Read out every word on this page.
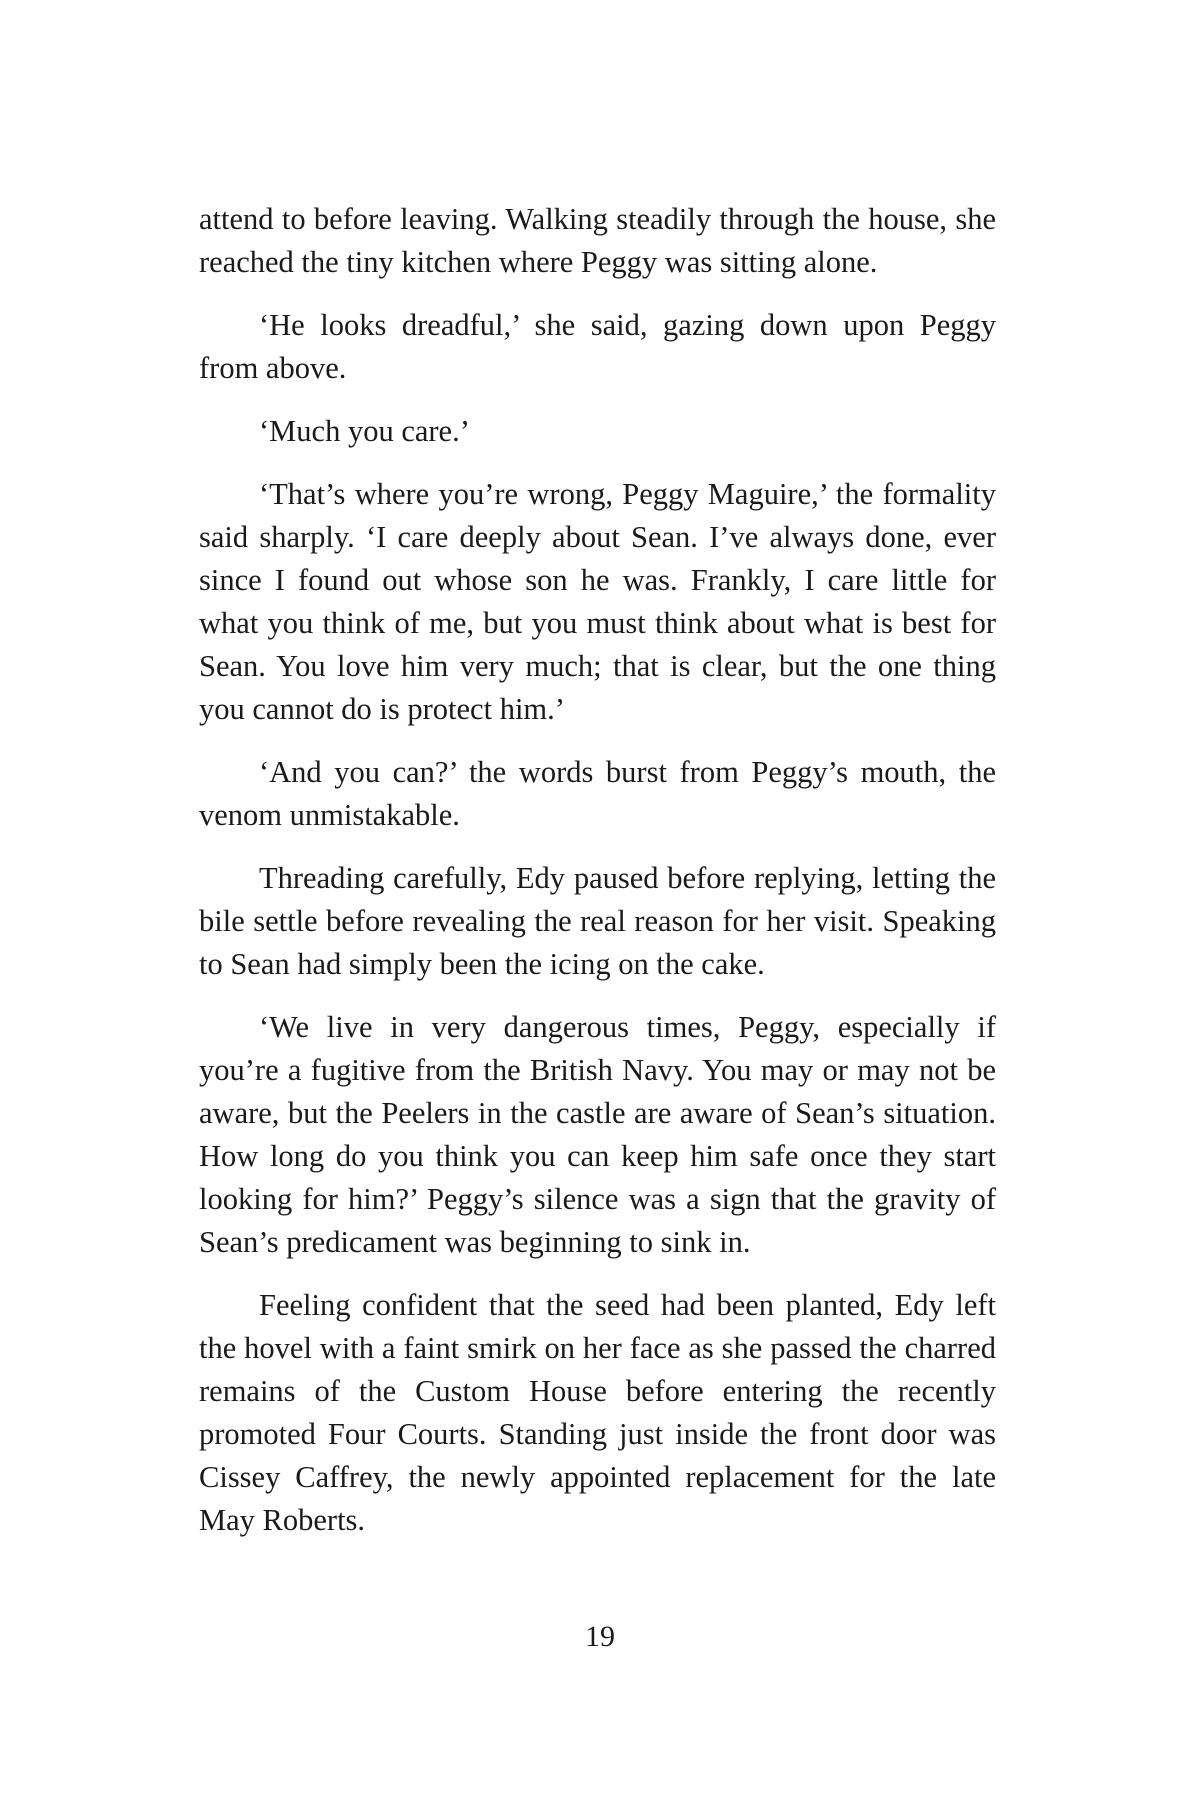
attend to before leaving. Walking steadily through the house, she reached the tiny kitchen where Peggy was sitting alone.

‘He looks dreadful,’ she said, gazing down upon Peggy from above.

‘Much you care.’

‘That’s where you’re wrong, Peggy Maguire,’ the formality said sharply. ‘I care deeply about Sean. I’ve always done, ever since I found out whose son he was. Frankly, I care little for what you think of me, but you must think about what is best for Sean. You love him very much; that is clear, but the one thing you cannot do is protect him.’

‘And you can?’ the words burst from Peggy’s mouth, the venom unmistakable.

Threading carefully, Edy paused before replying, letting the bile settle before revealing the real reason for her visit. Speaking to Sean had simply been the icing on the cake.

‘We live in very dangerous times, Peggy, especially if you’re a fugitive from the British Navy. You may or may not be aware, but the Peelers in the castle are aware of Sean’s situation. How long do you think you can keep him safe once they start looking for him?’ Peggy’s silence was a sign that the gravity of Sean’s predicament was beginning to sink in.

Feeling confident that the seed had been planted, Edy left the hovel with a faint smirk on her face as she passed the charred remains of the Custom House before entering the recently promoted Four Courts. Standing just inside the front door was Cissey Caffrey, the newly appointed replacement for the late May Roberts.

19
